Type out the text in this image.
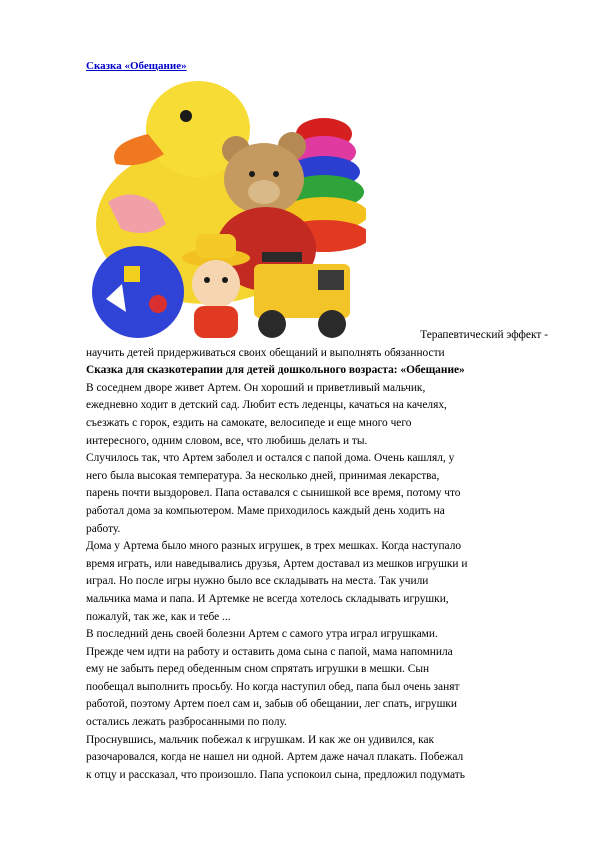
Сказка «Обещание»
Терапевтический эффект -
научить детей придерживаться своих обещаний и выполнять обязанности
Сказка для сказкотерапии для детей дошкольного возраста: «Обещание»
В соседнем дворе живет Артем. Он хороший и приветливый мальчик,
ежедневно ходит в детский сад. Любит есть леденцы, качаться на качелях,
съезжать с горок, ездить на самокате, велосипеде и еще много чего
интересного, одним словом, все, что любишь делать и ты.
Случилось так, что Артем заболел и остался с папой дома. Очень кашлял, у
него была высокая температура. За несколько дней, принимая лекарства,
парень почти выздоровел. Папа оставался с сынишкой все время, потому что
работал дома за компьютером. Маме приходилось каждый день ходить на
работу.
Дома у Артема было много разных игрушек, в трех мешках. Когда наступало
время играть, или наведывались друзья, Артем доставал из мешков игрушки и
играл. Но после игры нужно было все складывать на места. Так учили
мальчика мама и папа. И Артемке не всегда хотелось складывать игрушки,
пожалуй, так же, как и тебе ...
В последний день своей болезни Артем с самого утра играл игрушками.
Прежде чем идти на работу и оставить дома сына с папой, мама напомнила
ему не забыть перед обеденным сном спрятать игрушки в мешки. Сын
пообещал выполнить просьбу. Но когда наступил обед, папа был очень занят
работой, поэтому Артем поел сам и, забыв об обещании, лег спать, игрушки
остались лежать разбросанными по полу.
Проснувшись, мальчик побежал к игрушкам. И как же он удивился, как
разочаровался, когда не нашел ни одной. Артем даже начал плакать. Побежал
к отцу и рассказал, что произошло. Папа успокоил сына, предложил подумать
